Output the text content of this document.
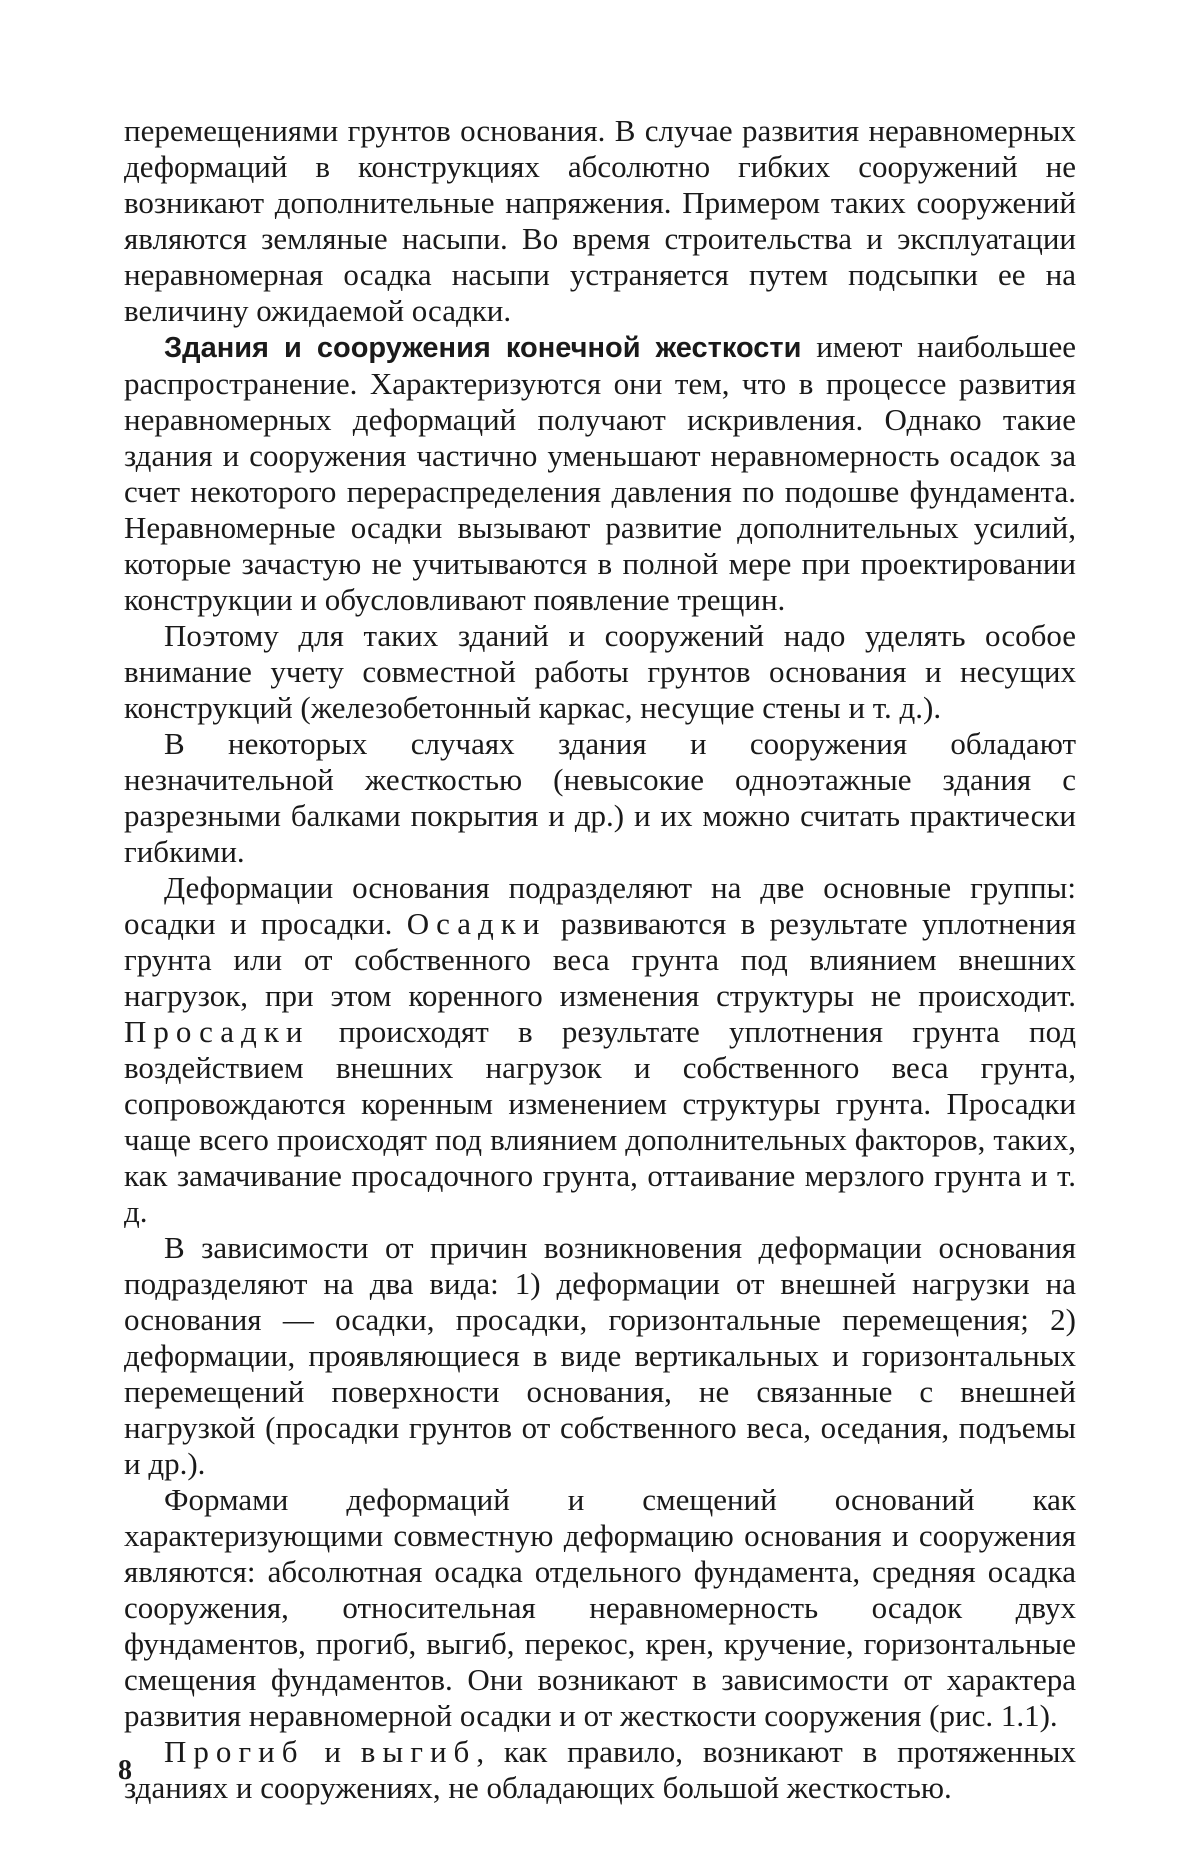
перемещениями грунтов основания. В случае развития неравномерных деформаций в конструкциях абсолютно гибких сооружений не возникают дополнительные напряжения. Примером таких сооружений являются земляные насыпи. Во время строительства и эксплуатации неравномерная осадка насыпи устраняется путем подсыпки ее на величину ожидаемой осадки.

Здания и сооружения конечной жесткости имеют наибольшее распространение. Характеризуются они тем, что в процессе развития неравномерных деформаций получают искривления. Однако такие здания и сооружения частично уменьшают неравномерность осадок за счет некоторого перераспределения давления по подошве фундамента. Неравномерные осадки вызывают развитие дополнительных усилий, которые зачастую не учитываются в полной мере при проектировании конструкции и обусловливают появление трещин.

Поэтому для таких зданий и сооружений надо уделять особое внимание учету совместной работы грунтов основания и несущих конструкций (железобетонный каркас, несущие стены и т. д.).

В некоторых случаях здания и сооружения обладают незначительной жесткостью (невысокие одноэтажные здания с разрезными балками покрытия и др.) и их можно считать практически гибкими.

Деформации основания подразделяют на две основные группы: осадки и просадки. Осадки развиваются в результате уплотнения грунта или от собственного веса грунта под влиянием внешних нагрузок, при этом коренного изменения структуры не происходит. Просадки происходят в результате уплотнения грунта под воздействием внешних нагрузок и собственного веса грунта, сопровождаются коренным изменением структуры грунта. Просадки чаще всего происходят под влиянием дополнительных факторов, таких, как замачивание просадочного грунта, оттаивание мерзлого грунта и т. д.

В зависимости от причин возникновения деформации основания подразделяют на два вида: 1) деформации от внешней нагрузки на основания — осадки, просадки, горизонтальные перемещения; 2) деформации, проявляющиеся в виде вертикальных и горизонтальных перемещений поверхности основания, не связанные с внешней нагрузкой (просадки грунтов от собственного веса, оседания, подъемы и др.).

Формами деформаций и смещений оснований как характеризующими совместную деформацию основания и сооружения являются: абсолютная осадка отдельного фундамента, средняя осадка сооружения, относительная неравномерность осадок двух фундаментов, прогиб, выгиб, перекос, крен, кручение, горизонтальные смещения фундаментов. Они возникают в зависимости от характера развития неравномерной осадки и от жесткости сооружения (рис. 1.1).

Прогиб и выгиб, как правило, возникают в протяженных зданиях и сооружениях, не обладающих большой жесткостью.

8
